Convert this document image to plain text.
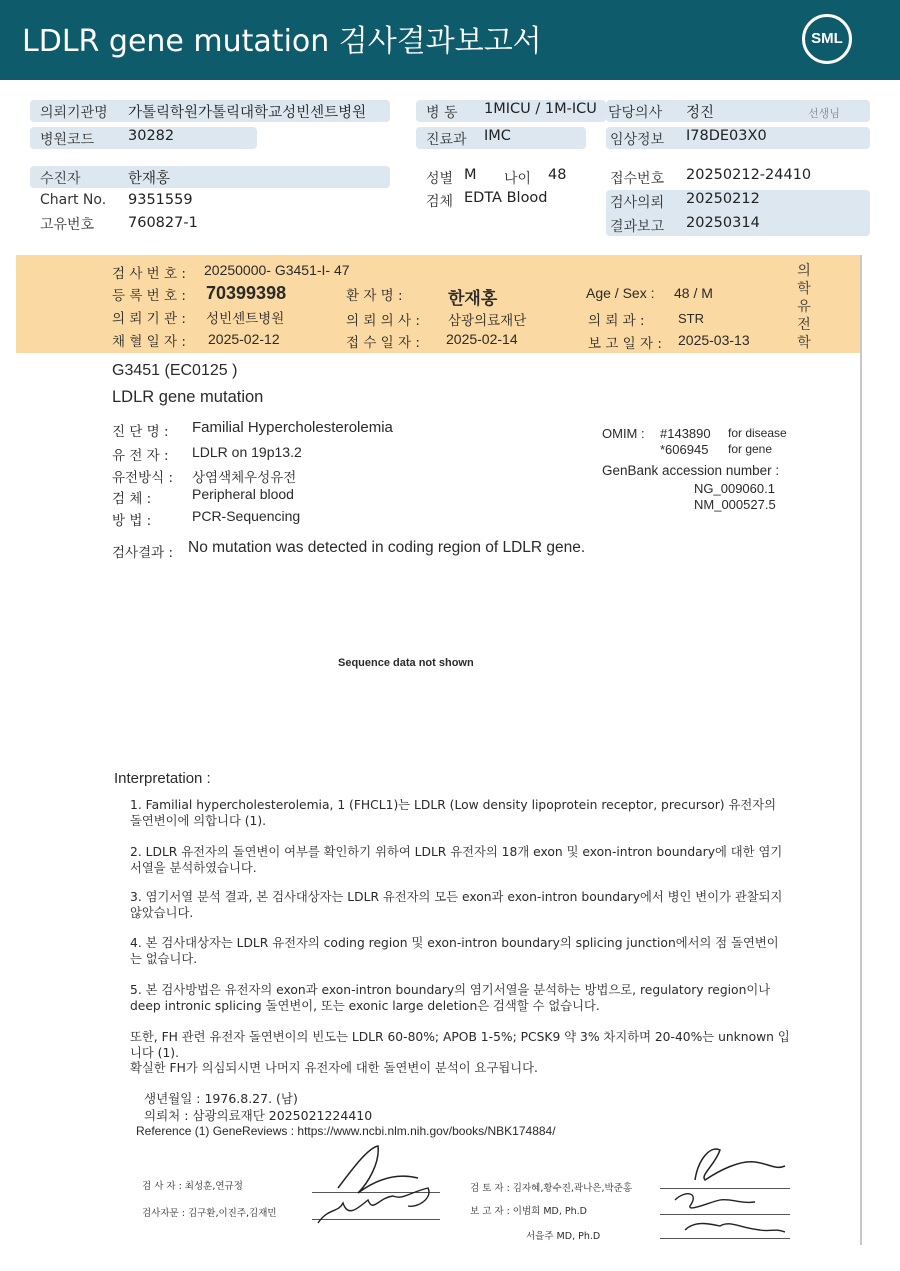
LDLR gene mutation 검사결과보고서	SML
의뢰기관명 가톨릭학원가톨릭대학교성빈센트병원	병 동 1MICU / 1M-ICU 담당의사 정진	선생님
병원코드 30282	진료과 IMC	임상정보 I78DE03X0
수진자	한재홍	성별 M 나이 48	접수번호 20250212-24410
Chart No. 9351559	검체 EDTA Blood	검사의뢰 20250212
고유번호 760827-1	결과보고 20250314
검 사 번 호 : 20250000- G3451-I- 47
등 록 번 호 : 70399398	환 자 명 :	한재홍	Age / Sex : 48 / M
의 뢰 기 관 : 성빈센트병원	의 뢰 의 사 : 삼광의료재단	의 뢰 과 :	STR
채 혈 일 자 : 2025-02-12	접 수 일 자 : 2025-02-14	보 고 일 자 : 2025-03-13
의
학
유
전
학
G3451 (EC0125 )
LDLR gene mutation
진 단 명 : Familial Hypercholesterolemia
유 전 자 : LDLR on 19p13.2
유전방식 : 상염색체우성유전
검 체 :	Peripheral blood
방 법 :	PCR-Sequencing
OMIM : #143890 for disease
*606945 for gene
GenBank accession number :
NG_009060.1
NM_000527.5
검사결과 : No mutation was detected in coding region of LDLR gene.
Sequence data not shown
Interpretation :
1. Familial hypercholesterolemia, 1 (FHCL1)는 LDLR (Low density lipoprotein receptor, precursor) 유전자의 돌연변이에 의합니다 (1).
2. LDLR 유전자의 돌연변이 여부를 확인하기 위하여 LDLR 유전자의 18개 exon 및 exon-intron boundary에 대한 염기서열을 분석하였습니다.
3. 염기서열 분석 결과, 본 검사대상자는 LDLR 유전자의 모든 exon과 exon-intron boundary에서 병인 변이가 관찰되지 않았습니다.
4. 본 검사대상자는 LDLR 유전자의 coding region 및 exon-intron boundary의 splicing junction에서의 점 돌연변이는 없습니다.
5. 본 검사방법은 유전자의 exon과 exon-intron boundary의 염기서열을 분석하는 방법으로, regulatory region이나 deep intronic splicing 돌연변이, 또는 exonic large deletion은 검색할 수 없습니다.
또한, FH 관련 유전자 돌연변이의 빈도는 LDLR 60-80%; APOB 1-5%; PCSK9 약 3% 차지하며 20-40%는 unknown 입니다 (1).
확실한 FH가 의심되시면 나머지 유전자에 대한 돌연변이 분석이 요구됩니다.
생년월일 : 1976.8.27. (남)
의뢰처 : 삼광의료재단 2025021224410
Reference (1) GeneReviews : https://www.ncbi.nlm.nih.gov/books/NBK174884/
검 사 자 : 최성훈,연규정
검사자문 : 김구환,이진주,김재민
검 토 자 : 김자혜,황수진,곽나은,박준홍
보 고 자 : 이범희 MD, Ph.D
서을주 MD, Ph.D
